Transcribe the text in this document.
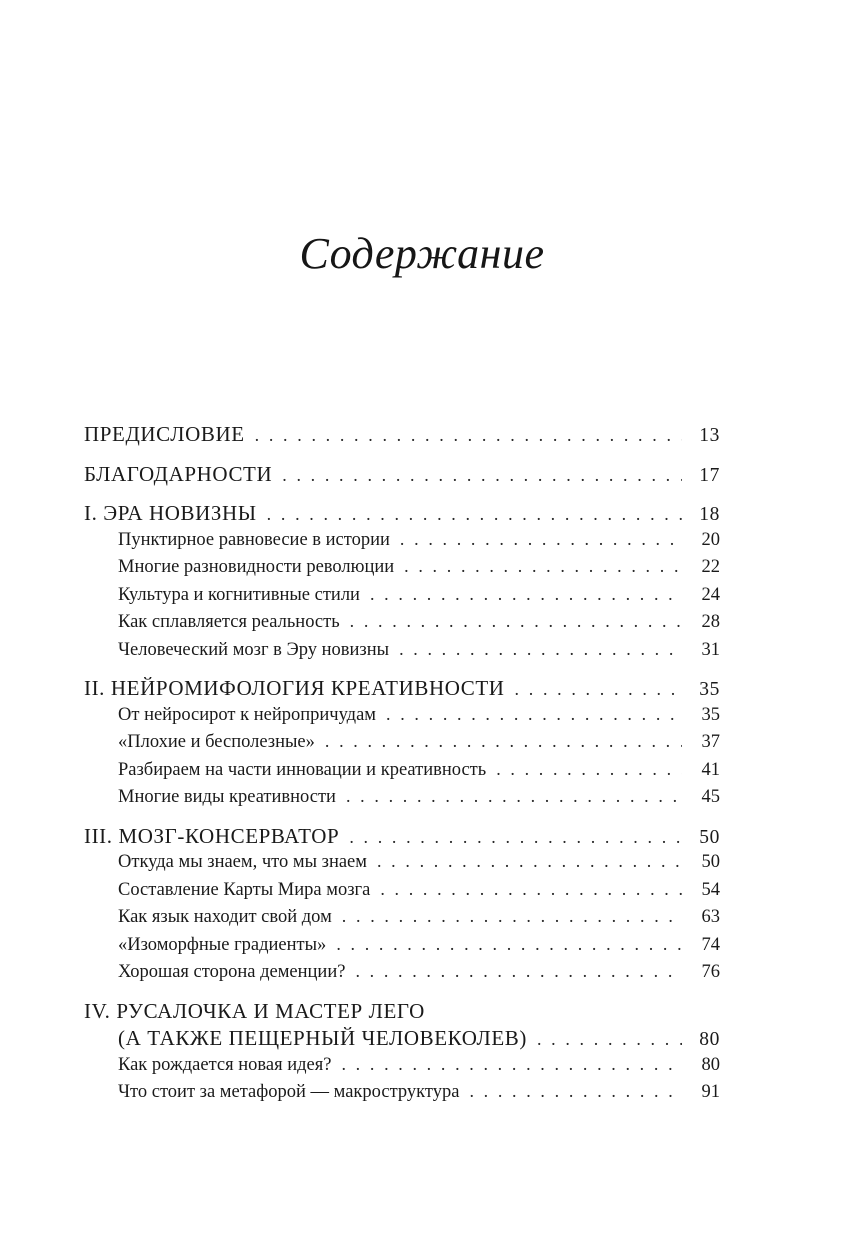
Содержание
ПРЕДИСЛОВИЕ . . .	13
БЛАГОДАРНОСТИ . . .	17
I. ЭРА НОВИЗНЫ . . .	18
Пунктирное равновесие в истории . . .	20
Многие разновидности революции . . .	22
Культура и когнитивные стили . . .	24
Как сплавляется реальность . . .	28
Человеческий мозг в Эру новизны . . .	31
II. НЕЙРОМИФОЛОГИЯ КРЕАТИВНОСТИ . . .	35
От нейросирот к нейропричудам . . .	35
«Плохие и бесполезные» . . .	37
Разбираем на части инновации и креативность . . .	41
Многие виды креативности . . .	45
III. МОЗГ-КОНСЕРВАТОР . . .	50
Откуда мы знаем, что мы знаем . . .	50
Составление Карты Мира мозга . . .	54
Как язык находит свой дом . . .	63
«Изоморфные градиенты» . . .	74
Хорошая сторона деменции? . . .	76
IV. РУСАЛОЧКА И МАСТЕР ЛЕГО
(А ТАКЖЕ ПЕЩЕРНЫЙ ЧЕЛОВЕКОЛЕВ) . . .	80
Как рождается новая идея? . . .	80
Что стоит за метафорой — макроструктура . . .	91
